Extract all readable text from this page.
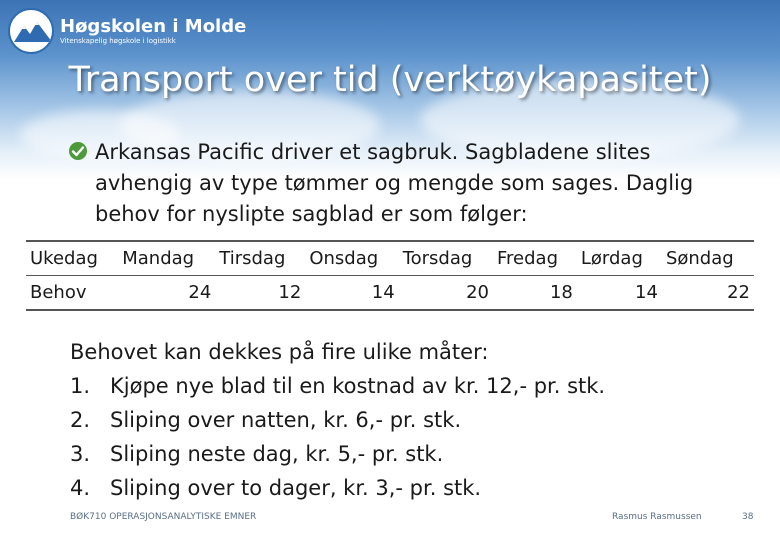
Høgskolen i Molde
Vitenskapelig høgskole i logistikk
Transport over tid (verktøykapasitet)
Arkansas Pacific driver et sagbruk. Sagbladene slites avhengig av type tømmer og mengde som sages. Daglig behov for nyslipte sagblad er som følger:
Ukedag	Mandag	Tirsdag	Onsdag	Torsdag	Fredag	Lørdag	Søndag
Behov	24	12	14	20	18	14	22
Behovet kan dekkes på fire ulike måter:
1. Kjøpe nye blad til en kostnad av kr. 12,- pr. stk.
2. Sliping over natten, kr. 6,- pr. stk.
3. Sliping neste dag, kr. 5,- pr. stk.
4. Sliping over to dager, kr. 3,- pr. stk.
BØK710 OPERASJONSANALYTISKE EMNER	Rasmus Rasmussen	38
